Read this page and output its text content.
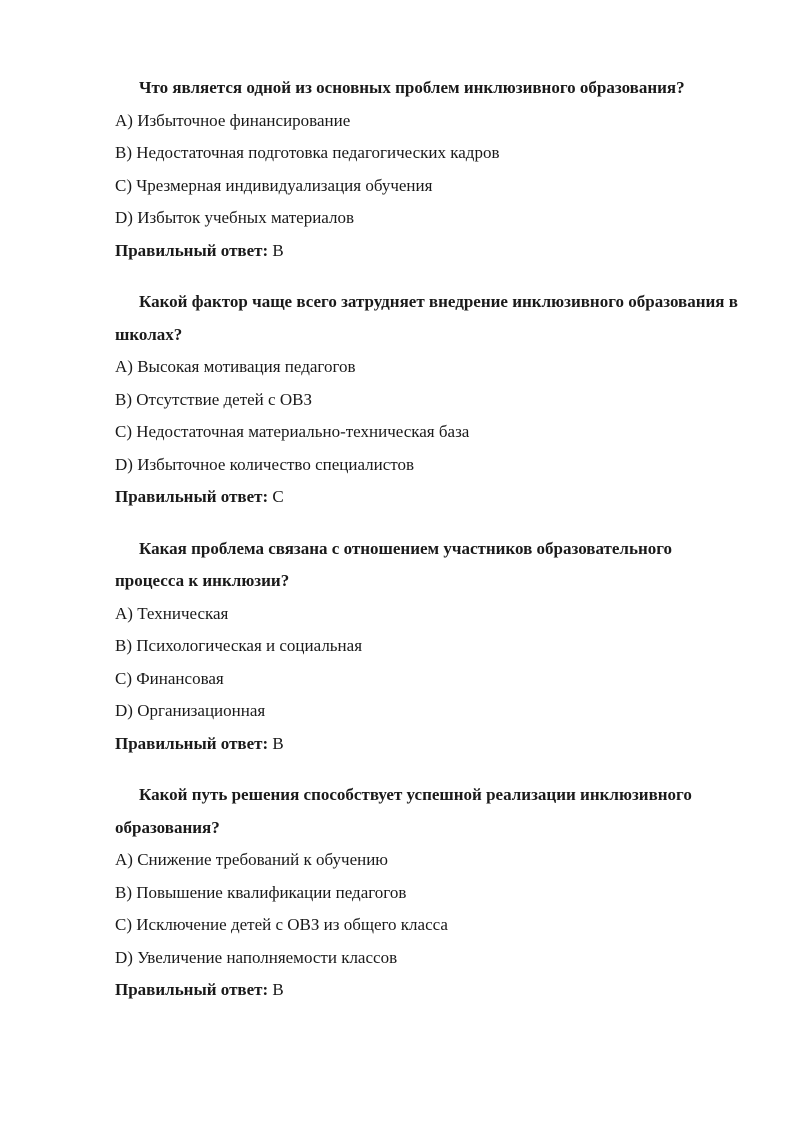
Что является одной из основных проблем инклюзивного образования?

A) Избыточное финансирование

B) Недостаточная подготовка педагогических кадров

C) Чрезмерная индивидуализация обучения

D) Избыток учебных материалов

Правильный ответ: B

Какой фактор чаще всего затрудняет внедрение инклюзивного образования в школах?

A) Высокая мотивация педагогов

B) Отсутствие детей с ОВЗ

C) Недостаточная материально-техническая база

D) Избыточное количество специалистов

Правильный ответ: C

Какая проблема связана с отношением участников образовательного процесса к инклюзии?

A) Техническая

B) Психологическая и социальная

C) Финансовая

D) Организационная

Правильный ответ: B

Какой путь решения способствует успешной реализации инклюзивного образования?

A) Снижение требований к обучению

B) Повышение квалификации педагогов

C) Исключение детей с ОВЗ из общего класса

D) Увеличение наполняемости классов

Правильный ответ: B
